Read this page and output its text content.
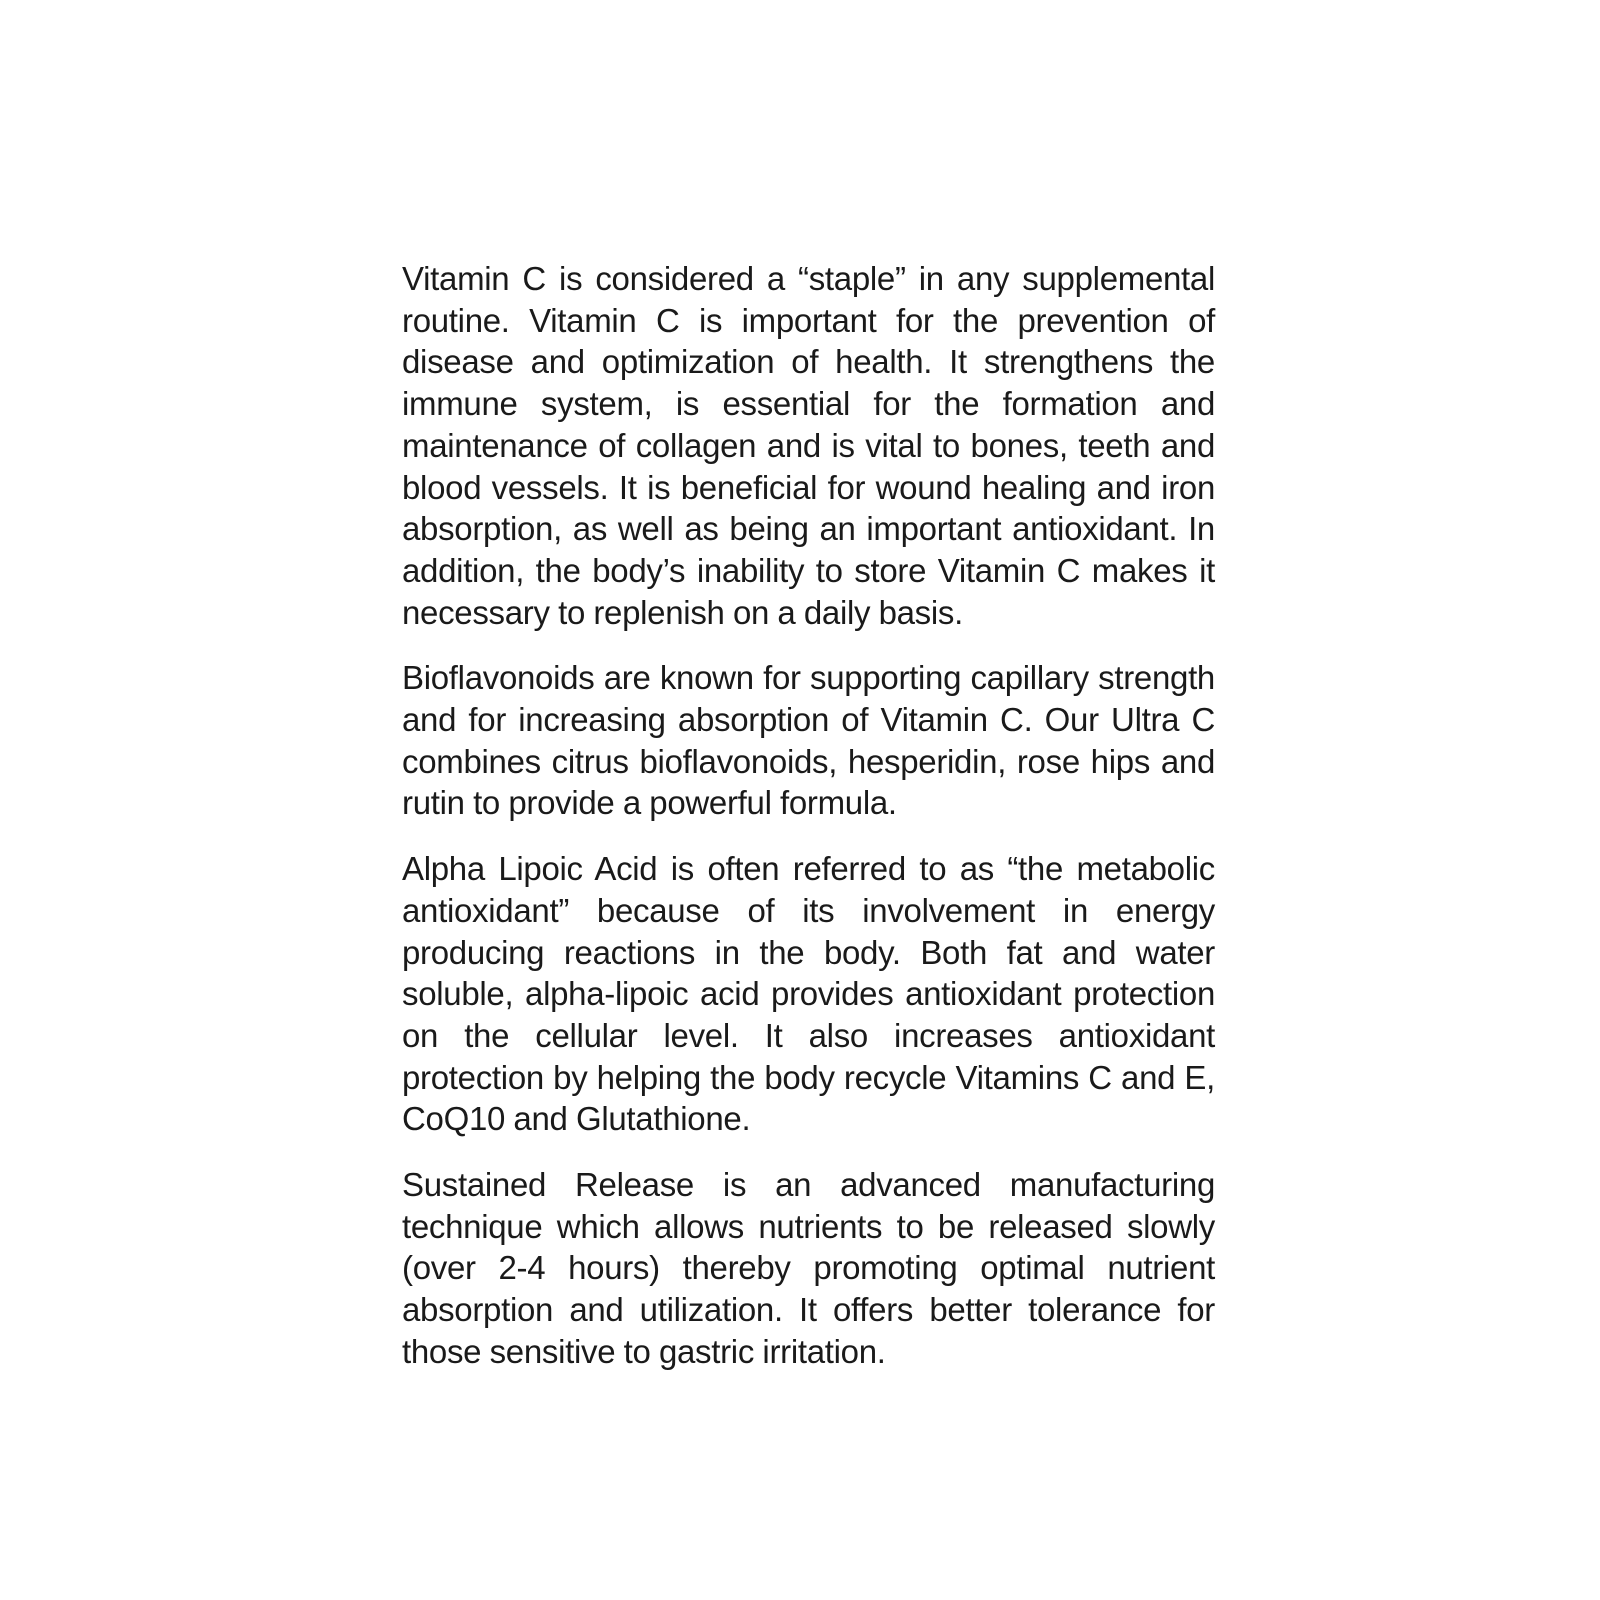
Vitamin C is considered a “staple” in any supplemental routine. Vitamin C is important for the prevention of disease and optimization of health. It strengthens the immune system, is essential for the formation and maintenance of collagen and is vital to bones, teeth and blood vessels. It is beneficial for wound healing and iron absorption, as well as being an important antioxidant. In addition, the body’s inability to store Vitamin C makes it necessary to replenish on a daily basis.

Bioflavonoids are known for supporting capillary strength and for increasing absorption of Vitamin C. Our Ultra C combines citrus bioflavonoids, hesperidin, rose hips and rutin to provide a powerful formula.

Alpha Lipoic Acid is often referred to as “the metabolic antioxidant” because of its involvement in energy producing reactions in the body. Both fat and water soluble, alpha-lipoic acid provides antioxidant protection on the cellular level. It also increases antioxidant protection by helping the body recycle Vitamins C and E, CoQ10 and Glutathione.

Sustained Release is an advanced manufacturing technique which allows nutrients to be released slowly (over 2-4 hours) thereby promoting optimal nutrient absorption and utilization. It offers better tolerance for those sensitive to gastric irritation.
